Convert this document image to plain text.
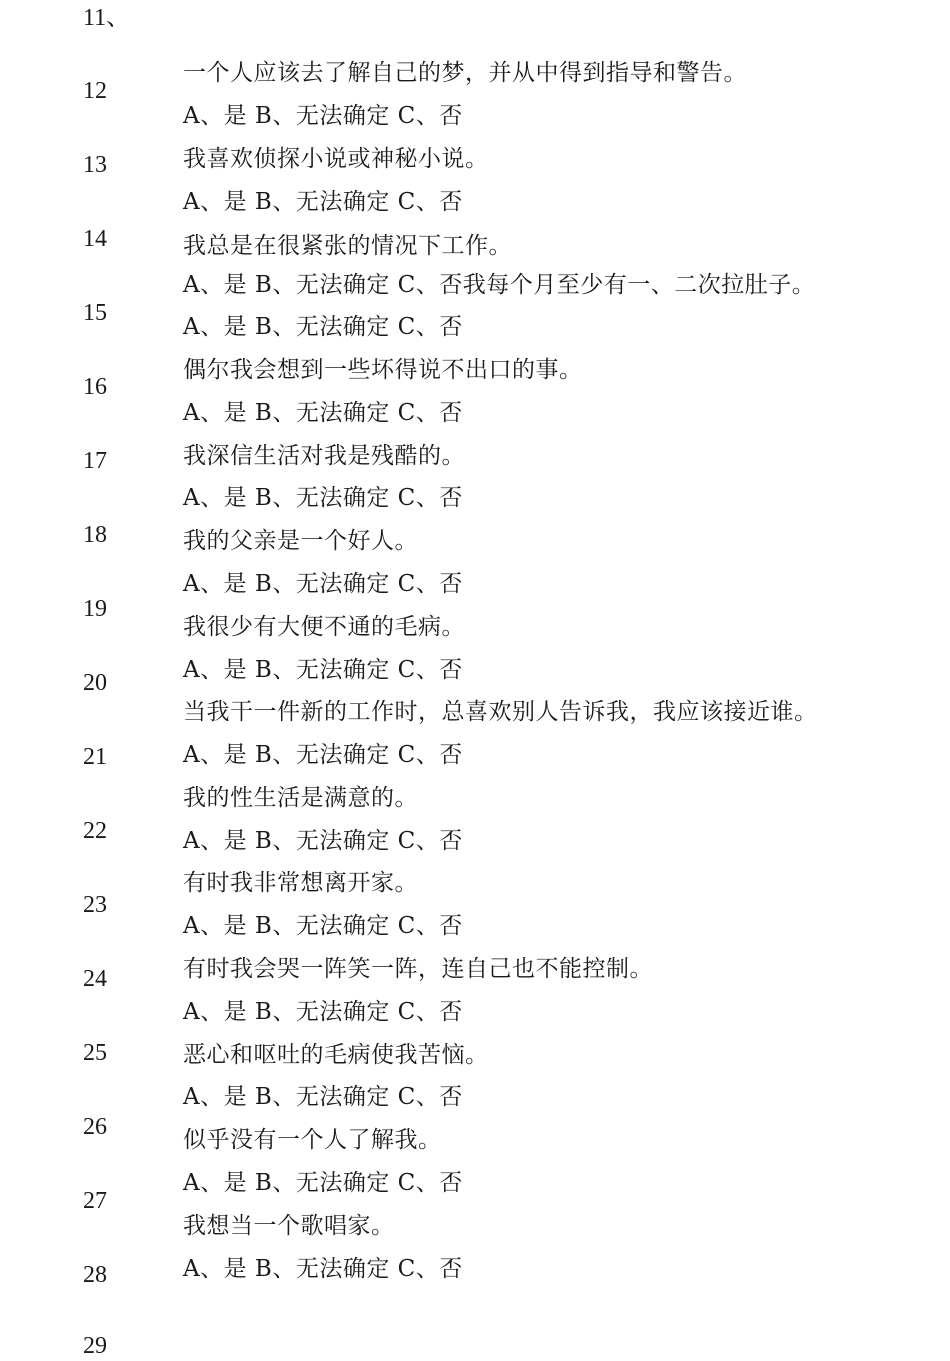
11、
12
13
14
15
16
17
18
19
20
21
22
23
24
25
26
27
28
29
一个人应该去了解自己的梦，并从中得到指导和警告。
A、是 B、无法确定 C、否
我喜欢侦探小说或神秘小说。
A、是 B、无法确定 C、否
我总是在很紧张的情况下工作。
A、是 B、无法确定 C、否我每个月至少有一、二次拉肚子。
A、是 B、无法确定 C、否
偶尔我会想到一些坏得说不出口的事。
A、是 B、无法确定 C、否
我深信生活对我是残酷的。
A、是 B、无法确定 C、否
我的父亲是一个好人。
A、是 B、无法确定 C、否
我很少有大便不通的毛病。
A、是 B、无法确定 C、否
当我干一件新的工作时，总喜欢别人告诉我，我应该接近谁。
A、是 B、无法确定 C、否
我的性生活是满意的。
A、是 B、无法确定 C、否
有时我非常想离开家。
A、是 B、无法确定 C、否
有时我会哭一阵笑一阵，连自己也不能控制。
A、是 B、无法确定 C、否
恶心和呕吐的毛病使我苦恼。
A、是 B、无法确定 C、否
似乎没有一个人了解我。
A、是 B、无法确定 C、否
我想当一个歌唱家。
A、是 B、无法确定 C、否
